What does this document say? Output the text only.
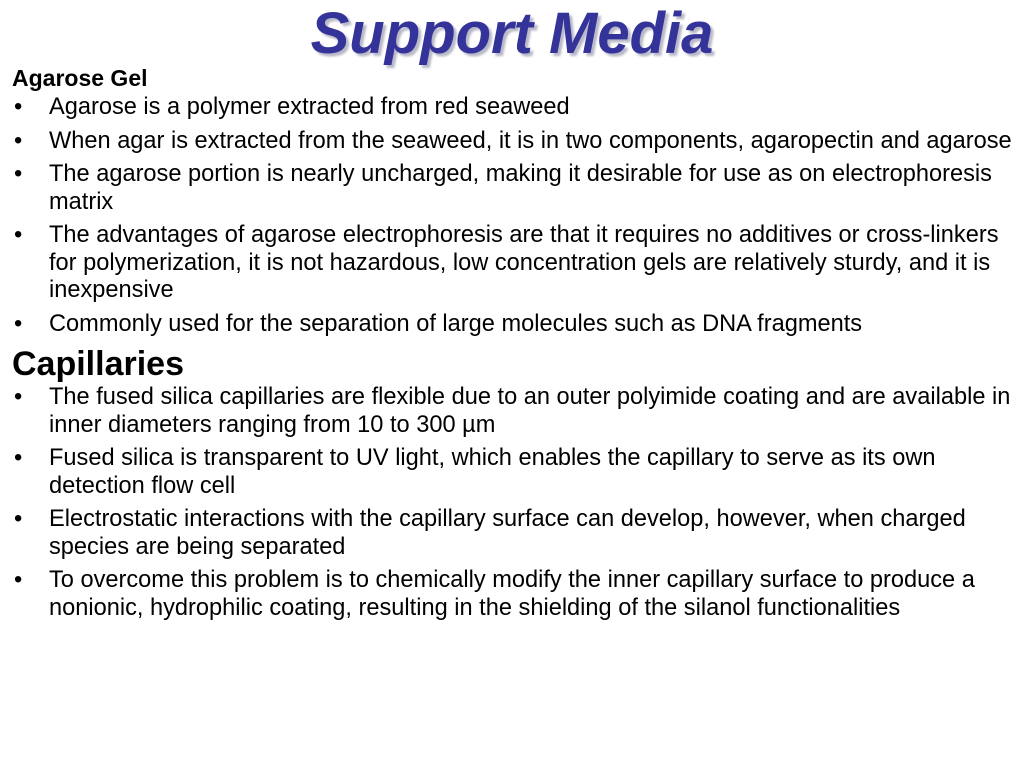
Support Media
Agarose Gel
• Agarose is a polymer extracted from red seaweed
• When agar is extracted from the seaweed, it is in two components, agaropectin and agarose
• The agarose portion is nearly uncharged, making it desirable for use as on electrophoresis matrix
• The advantages of agarose electrophoresis are that it requires no additives or cross-linkers for polymerization, it is not hazardous, low concentration gels are relatively sturdy, and it is inexpensive
• Commonly used for the separation of large molecules such as DNA fragments
Capillaries
• The fused silica capillaries are flexible due to an outer polyimide coating and are available in inner diameters ranging from 10 to 300 µm
• Fused silica is transparent to UV light, which enables the capillary to serve as its own detection flow cell
• Electrostatic interactions with the capillary surface can develop, however, when charged species are being separated
• To overcome this problem is to chemically modify the inner capillary surface to produce a nonionic, hydrophilic coating, resulting in the shielding of the silanol functionalities
